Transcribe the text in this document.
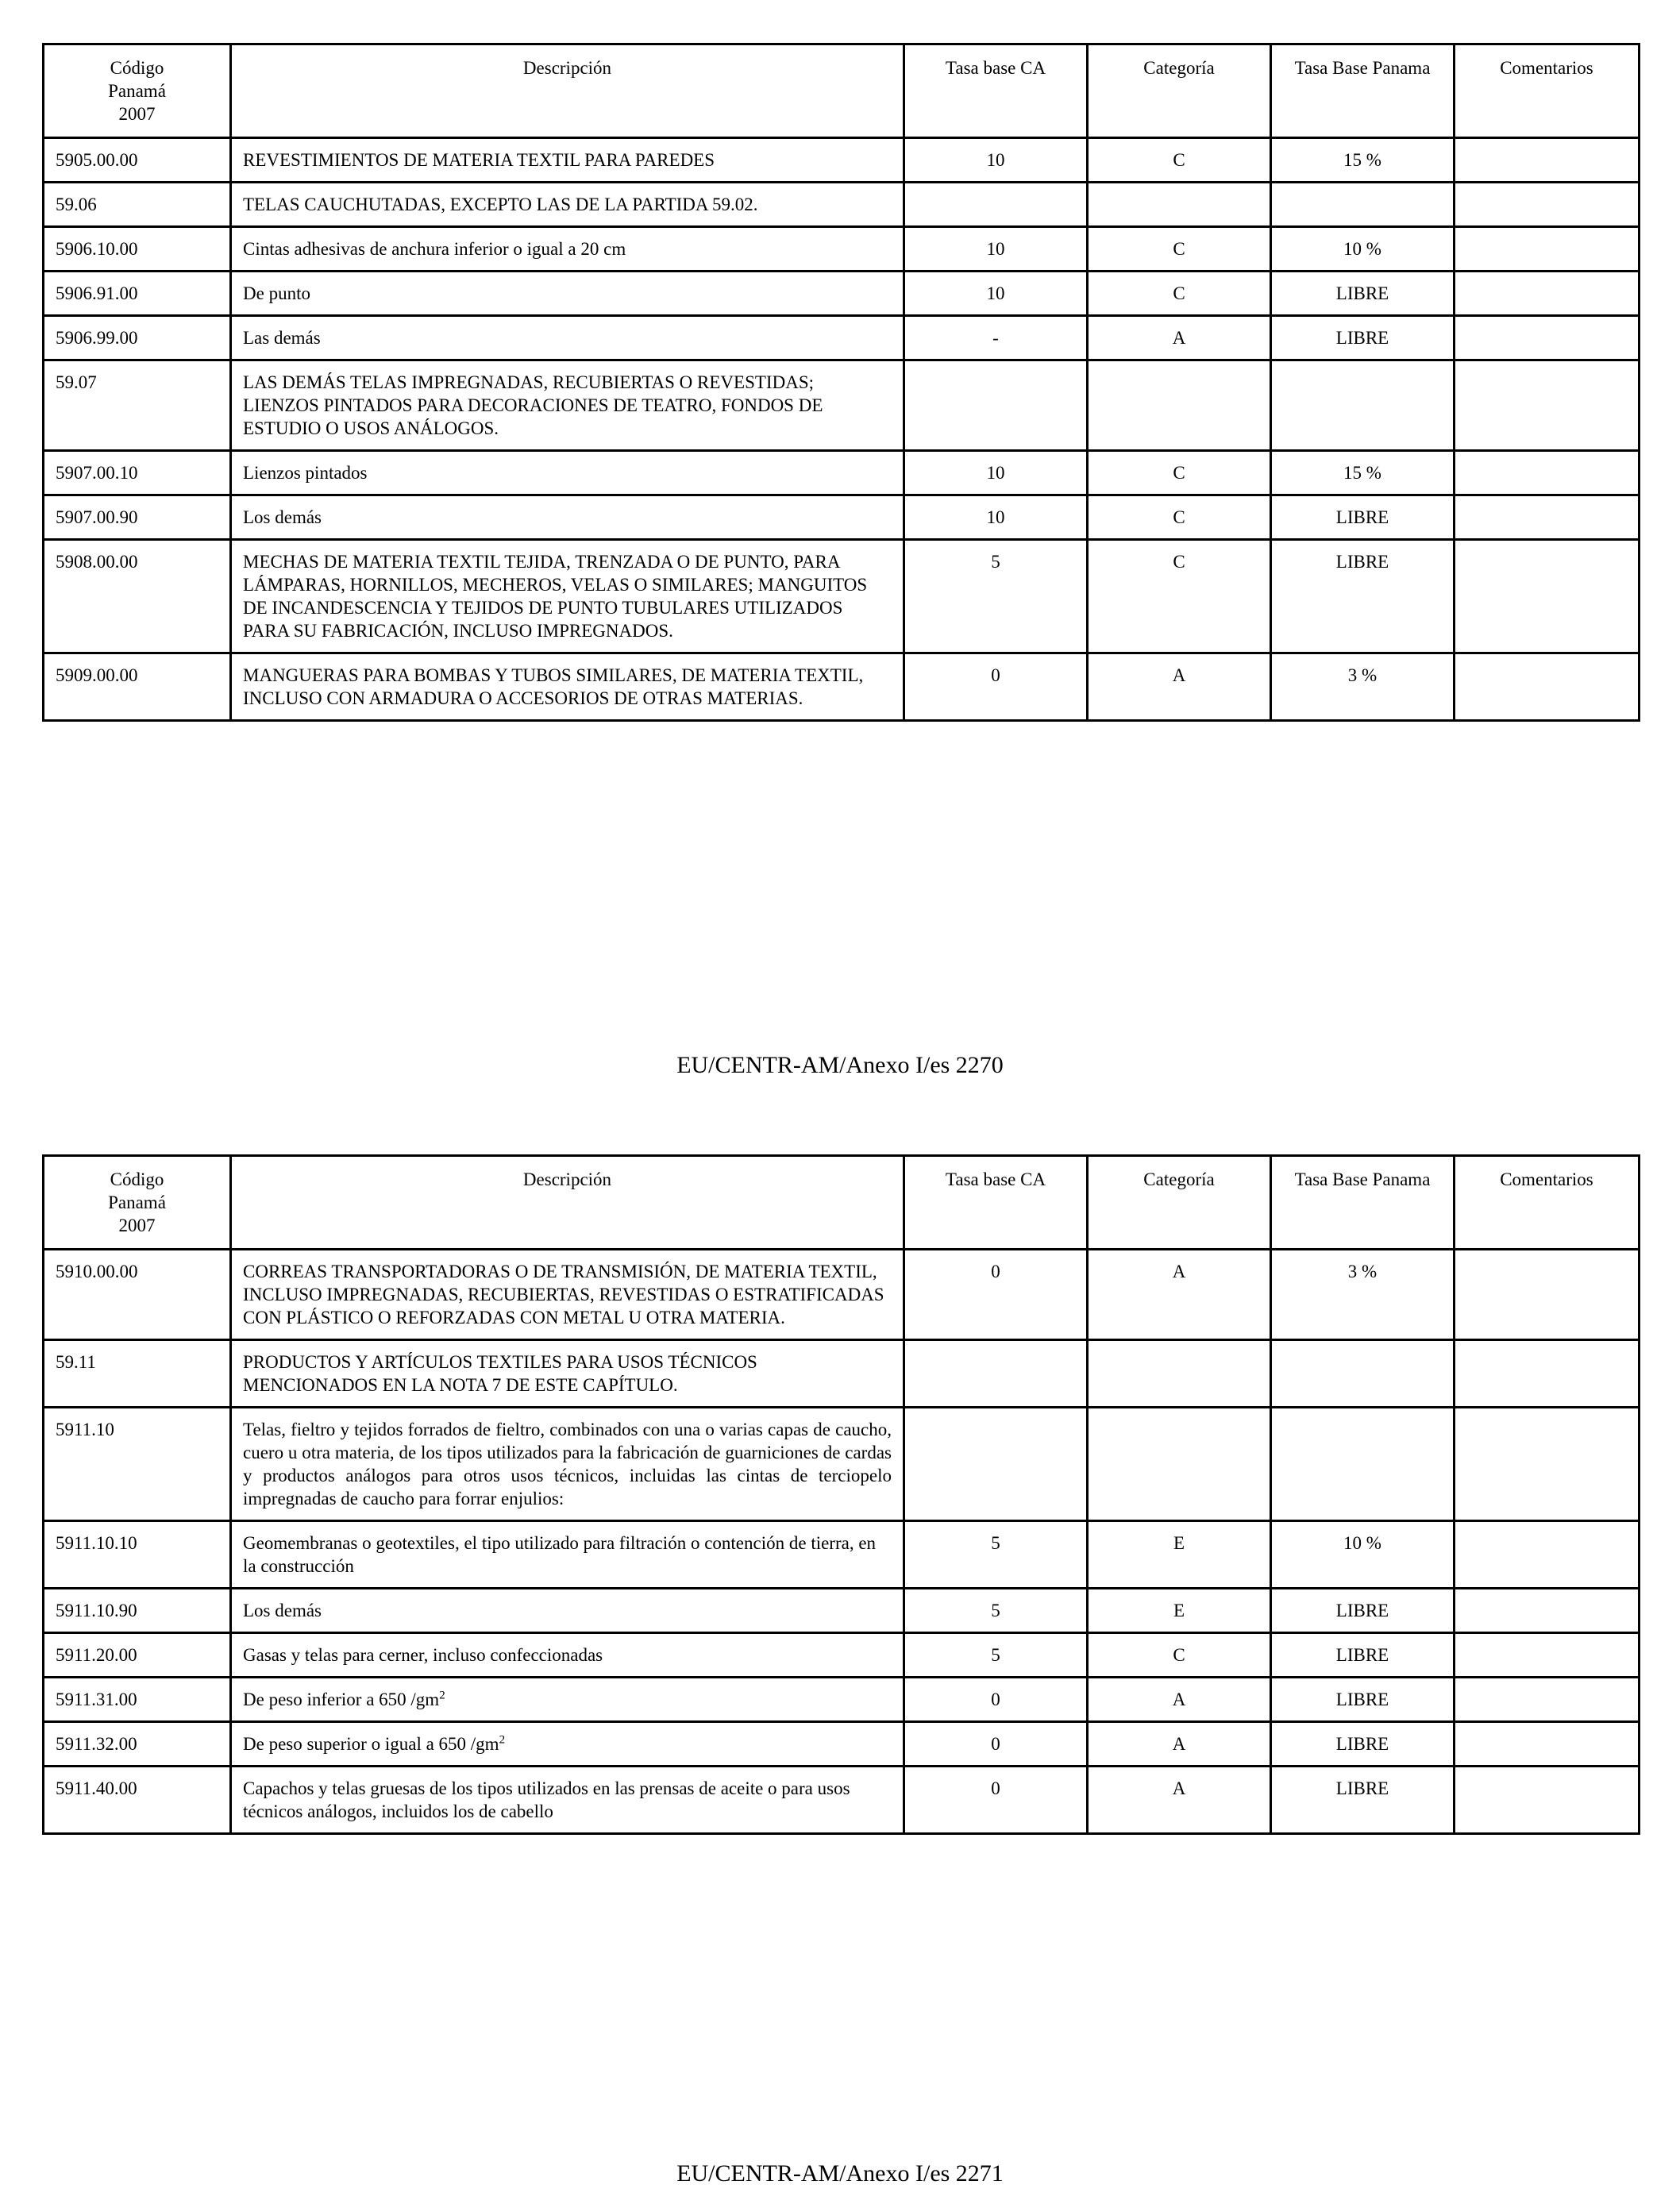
Código Panamá 2007	Descripción	Tasa base CA	Categoría	Tasa Base Panama	Comentarios
5905.00.00	REVESTIMIENTOS DE MATERIA TEXTIL PARA PAREDES	10	C	15 %	
59.06	TELAS CAUCHUTADAS, EXCEPTO LAS DE LA PARTIDA 59.02.				
5906.10.00	Cintas adhesivas de anchura inferior o igual a 20 cm	10	C	10 %	
5906.91.00	De punto	10	C	LIBRE	
5906.99.00	Las demás	-	A	LIBRE	
59.07	LAS DEMÁS TELAS IMPREGNADAS, RECUBIERTAS O REVESTIDAS; LIENZOS PINTADOS PARA DECORACIONES DE TEATRO, FONDOS DE ESTUDIO O USOS ANÁLOGOS.				
5907.00.10	Lienzos pintados	10	C	15 %	
5907.00.90	Los demás	10	C	LIBRE	
5908.00.00	MECHAS DE MATERIA TEXTIL TEJIDA, TRENZADA O DE PUNTO, PARA LÁMPARAS, HORNILLOS, MECHEROS, VELAS O SIMILARES; MANGUITOS DE INCANDESCENCIA Y TEJIDOS DE PUNTO TUBULARES UTILIZADOS PARA SU FABRICACIÓN, INCLUSO IMPREGNADOS.	5	C	LIBRE	
5909.00.00	MANGUERAS PARA BOMBAS Y TUBOS SIMILARES, DE MATERIA TEXTIL, INCLUSO CON ARMADURA O ACCESORIOS DE OTRAS MATERIAS.	0	A	3 %	
EU/CENTR-AM/Anexo I/es 2270
Código Panamá 2007	Descripción	Tasa base CA	Categoría	Tasa Base Panama	Comentarios
5910.00.00	CORREAS TRANSPORTADORAS O DE TRANSMISIÓN, DE MATERIA TEXTIL, INCLUSO IMPREGNADAS, RECUBIERTAS, REVESTIDAS O ESTRATIFICADAS CON PLÁSTICO O REFORZADAS CON METAL U OTRA MATERIA.	0	A	3 %	
59.11	PRODUCTOS Y ARTÍCULOS TEXTILES PARA USOS TÉCNICOS MENCIONADOS EN LA NOTA 7 DE ESTE CAPÍTULO.				
5911.10	Telas, fieltro y tejidos forrados de fieltro, combinados con una o varias capas de caucho, cuero u otra materia, de los tipos utilizados para la fabricación de guarniciones de cardas y productos análogos para otros usos técnicos, incluidas las cintas de terciopelo impregnadas de caucho para forrar enjulios:				
5911.10.10	Geomembranas o geotextiles, el tipo utilizado para filtración o contención de tierra, en la construcción	5	E	10 %	
5911.10.90	Los demás	5	E	LIBRE	
5911.20.00	Gasas y telas para cerner, incluso confeccionadas	5	C	LIBRE	
5911.31.00	De peso inferior a 650 $/gm^2$	0	A	LIBRE	
5911.32.00	De peso superior o igual a 650 $/gm^2$	0	A	LIBRE	
5911.40.00	Capachos y telas gruesas de los tipos utilizados en las prensas de aceite o para usos técnicos análogos, incluidos los de cabello	0	A	LIBRE	
EU/CENTR-AM/Anexo I/es 2271
